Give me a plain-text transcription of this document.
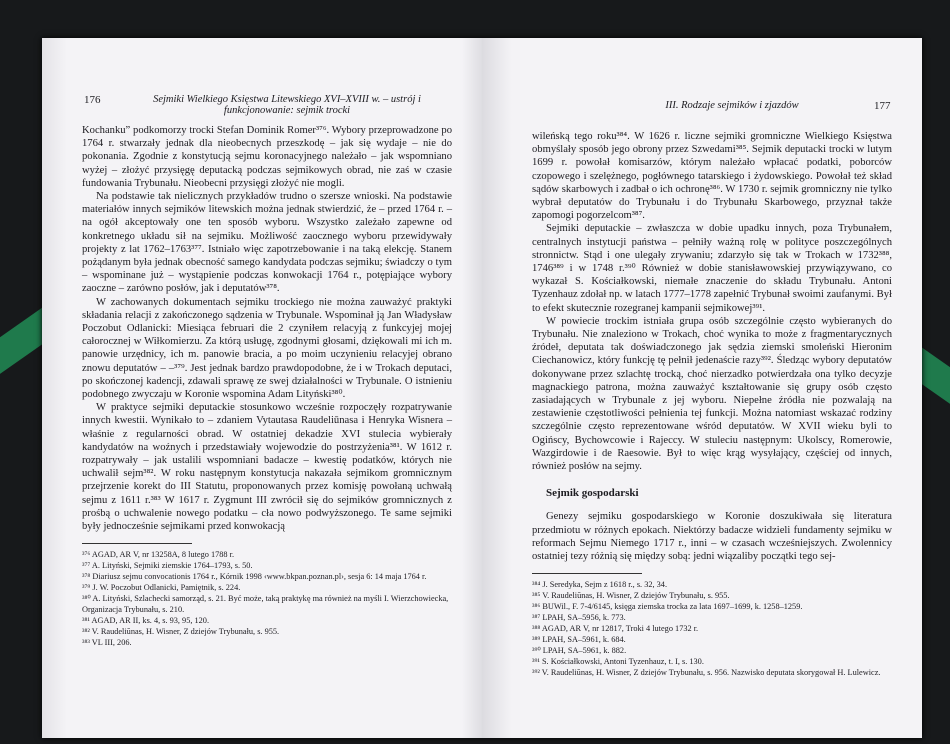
176	Sejmiki Wielkiego Księstwa Litewskiego XVI–XVIII w. – ustrój i funkcjonowanie: sejmik trocki

Kochanku” podkomorzy trocki Stefan Dominik Romer³⁷⁶. Wybory przeprowadzone po 1764 r. stwarzały jednak dla nieobecnych przeszkodę – jak się wydaje – nie do pokonania. Zgodnie z konstytucją sejmu koronacyjnego należało – jak wspomniano wyżej – złożyć przysięgę deputacką podczas sejmikowych obrad, nie zaś w czasie fundowania Trybunału. Nieobecni przysięgi złożyć nie mogli.

Na podstawie tak nielicznych przykładów trudno o szersze wnioski. Na podstawie materiałów innych sejmików litewskich można jednak stwierdzić, że – przed 1764 r. – na ogół akceptowały one ten sposób wyboru. Wszystko zależało zapewne od konkretnego układu sił na sejmiku. Możliwość zaocznego wyboru przewidywały projekty z lat 1762–1763³⁷⁷. Istniało więc zapotrzebowanie i na taką elekcję. Stanem pożądanym była jednak obecność samego kandydata podczas sejmiku; świadczy o tym – wspominane już – wystąpienie podczas konwokacji 1764 r., potępiające wybory zaoczne – zarówno posłów, jak i deputatów³⁷⁸.

W zachowanych dokumentach sejmiku trockiego nie można zauważyć praktyki składania relacji z zakończonego sądzenia w Trybunale. Wspominał ją Jan Władysław Poczobut Odlanicki: Miesiąca februari die 2 czyniłem relacyją z funkcyjej mojej całorocznej w Wiłkomierzu. Za którą usługę, zgodnymi głosami, dziękowali mi ich m. panowie urzędnicy, ich m. panowie bracia, a po moim uczynieniu relacyjej obrano znowu deputatów – –³⁷⁹. Jest jednak bardzo prawdopodobne, że i w Trokach deputaci, po skończonej kadencji, zdawali sprawę ze swej działalności w Trybunale. O istnieniu podobnego zwyczaju w Koronie wspomina Adam Lityński³⁸⁰.

W praktyce sejmiki deputackie stosunkowo wcześnie rozpoczęły rozpatrywanie innych kwestii. Wynikało to – zdaniem Vytautasa Raudeliūnasa i Henryka Wisnera – właśnie z regularności obrad. W ostatniej dekadzie XVI stulecia wybierały kandydatów na woźnych i przedstawiały wojewodzie do postrzyżenia³⁸¹. W 1612 r. rozpatrywały – jak ustalili wspomniani badacze – kwestię podatków, których nie uchwalił sejm³⁸². W roku następnym konstytucja nakazała sejmikom gromnicznym przejrzenie korekt do III Statutu, proponowanych przez komisję powołaną uchwałą sejmu z 1611 r.³⁸³ W 1617 r. Zygmunt III zwrócił się do sejmików gromnicznych z prośbą o uchwalenie nowego podatku – cła nowo podwyższonego. Te same sejmiki były jednocześnie sejmikami przed konwokacją

³⁷⁶ AGAD, AR V, nr 13258A, 8 lutego 1788 r.
³⁷⁷ A. Lityński, Sejmiki ziemskie 1764–1793, s. 50.
³⁷⁸ Diariusz sejmu convocationis 1764 r., Kórnik 1998 ‹www.bkpan.poznan.pl›, sesja 6: 14 maja 1764 r.
³⁷⁹ J. W. Poczobut Odlanicki, Pamiętnik, s. 224.
³⁸⁰ A. Lityński, Szlachecki samorząd, s. 21. Być może, taką praktykę ma również na myśli I. Wierzchowiecka, Organizacja Trybunału, s. 210.
³⁸¹ AGAD, AR II, ks. 4, s. 93, 95, 120.
³⁸² V. Raudeliūnas, H. Wisner, Z dziejów Trybunału, s. 955.
³⁸³ VL III, 206.
III. Rodzaje sejmików i zjazdów	177

wileńską tego roku³⁸⁴. W 1626 r. liczne sejmiki gromniczne Wielkiego Księstwa obmyślały sposób jego obrony przez Szwedami³⁸⁵. Sejmik deputacki trocki w lutym 1699 r. powołał komisarzów, którym należało wpłacać podatki, poborców czopowego i szelężnego, pogłównego tatarskiego i żydowskiego. Powołał też skład sądów skarbowych i zadbał o ich ochronę³⁸⁶. W 1730 r. sejmik gromniczny nie tylko wybrał deputatów do Trybunału i do Trybunału Skarbowego, przyznał także zapomogi pogorzelcom³⁸⁷.

Sejmiki deputackie – zwłaszcza w dobie upadku innych, poza Trybunałem, centralnych instytucji państwa – pełniły ważną rolę w polityce poszczególnych stronnictw. Stąd i one ulegały zrywaniu; zdarzyło się tak w Trokach w 1732³⁸⁸, 1746³⁸⁹ i w 1748 r.³⁹⁰ Również w dobie stanisławowskiej przywiązywano, co wykazał S. Kościałkowski, niemałe znaczenie do składu Trybunału. Antoni Tyzenhauz zdołał np. w latach 1777–1778 zapełnić Trybunał swoimi zaufanymi. Był to efekt skutecznie rozegranej kampanii sejmikowej³⁹¹.

W powiecie trockim istniała grupa osób szczególnie często wybieranych do Trybunału. Nie znaleziono w Trokach, choć wynika to może z fragmentarycznych źródeł, deputata tak doświadczonego jak sędzia ziemski smoleński Hieronim Ciechanowicz, który funkcję tę pełnił jedenaście razy³⁹². Śledząc wybory deputatów dokonywane przez szlachtę trocką, choć nierzadko potwierdzała ona tylko decyzje magnackiego patrona, można zauważyć kształtowanie się grupy osób często zasiadających w Trybunale z jej wyboru. Niepełne źródła nie pozwalają na zestawienie częstotliwości pełnienia tej funkcji. Można natomiast wskazać rodziny szczególnie często reprezentowane wśród deputatów. W XVII wieku byli to Ogińscy, Bychowcowie i Rajeccy. W stuleciu następnym: Ukolscy, Romerowie, Wazgirdowie i de Raesowie. Był to więc krąg wysyłający, częściej od innych, również posłów na sejmy.

Sejmik gospodarski

Genezy sejmiku gospodarskiego w Koronie doszukiwała się literatura przedmiotu w różnych epokach. Niektórzy badacze widzieli fundamenty sejmiku w reformach Sejmu Niemego 1717 r., inni – w czasach wcześniejszych. Zwolennicy ostatniej tezy różnią się między sobą: jedni wiązaliby początki tego sej-

³⁸⁴ J. Seredyka, Sejm z 1618 r., s. 32, 34.
³⁸⁵ V. Raudeliūnas, H. Wisner, Z dziejów Trybunału, s. 955.
³⁸⁶ BUWil., F. 7-4/6145, księga ziemska trocka za lata 1697–1699, k. 1258–1259.
³⁸⁷ LPAH, SA–5956, k. 773.
³⁸⁸ AGAD, AR V, nr 12817, Troki 4 lutego 1732 r.
³⁸⁹ LPAH, SA–5961, k. 684.
³⁹⁰ LPAH, SA–5961, k. 882.
³⁹¹ S. Kościałkowski, Antoni Tyzenhauz, t. I, s. 130.
³⁹² V. Raudeliūnas, H. Wisner, Z dziejów Trybunału, s. 956. Nazwisko deputata skorygował H. Lulewicz.
